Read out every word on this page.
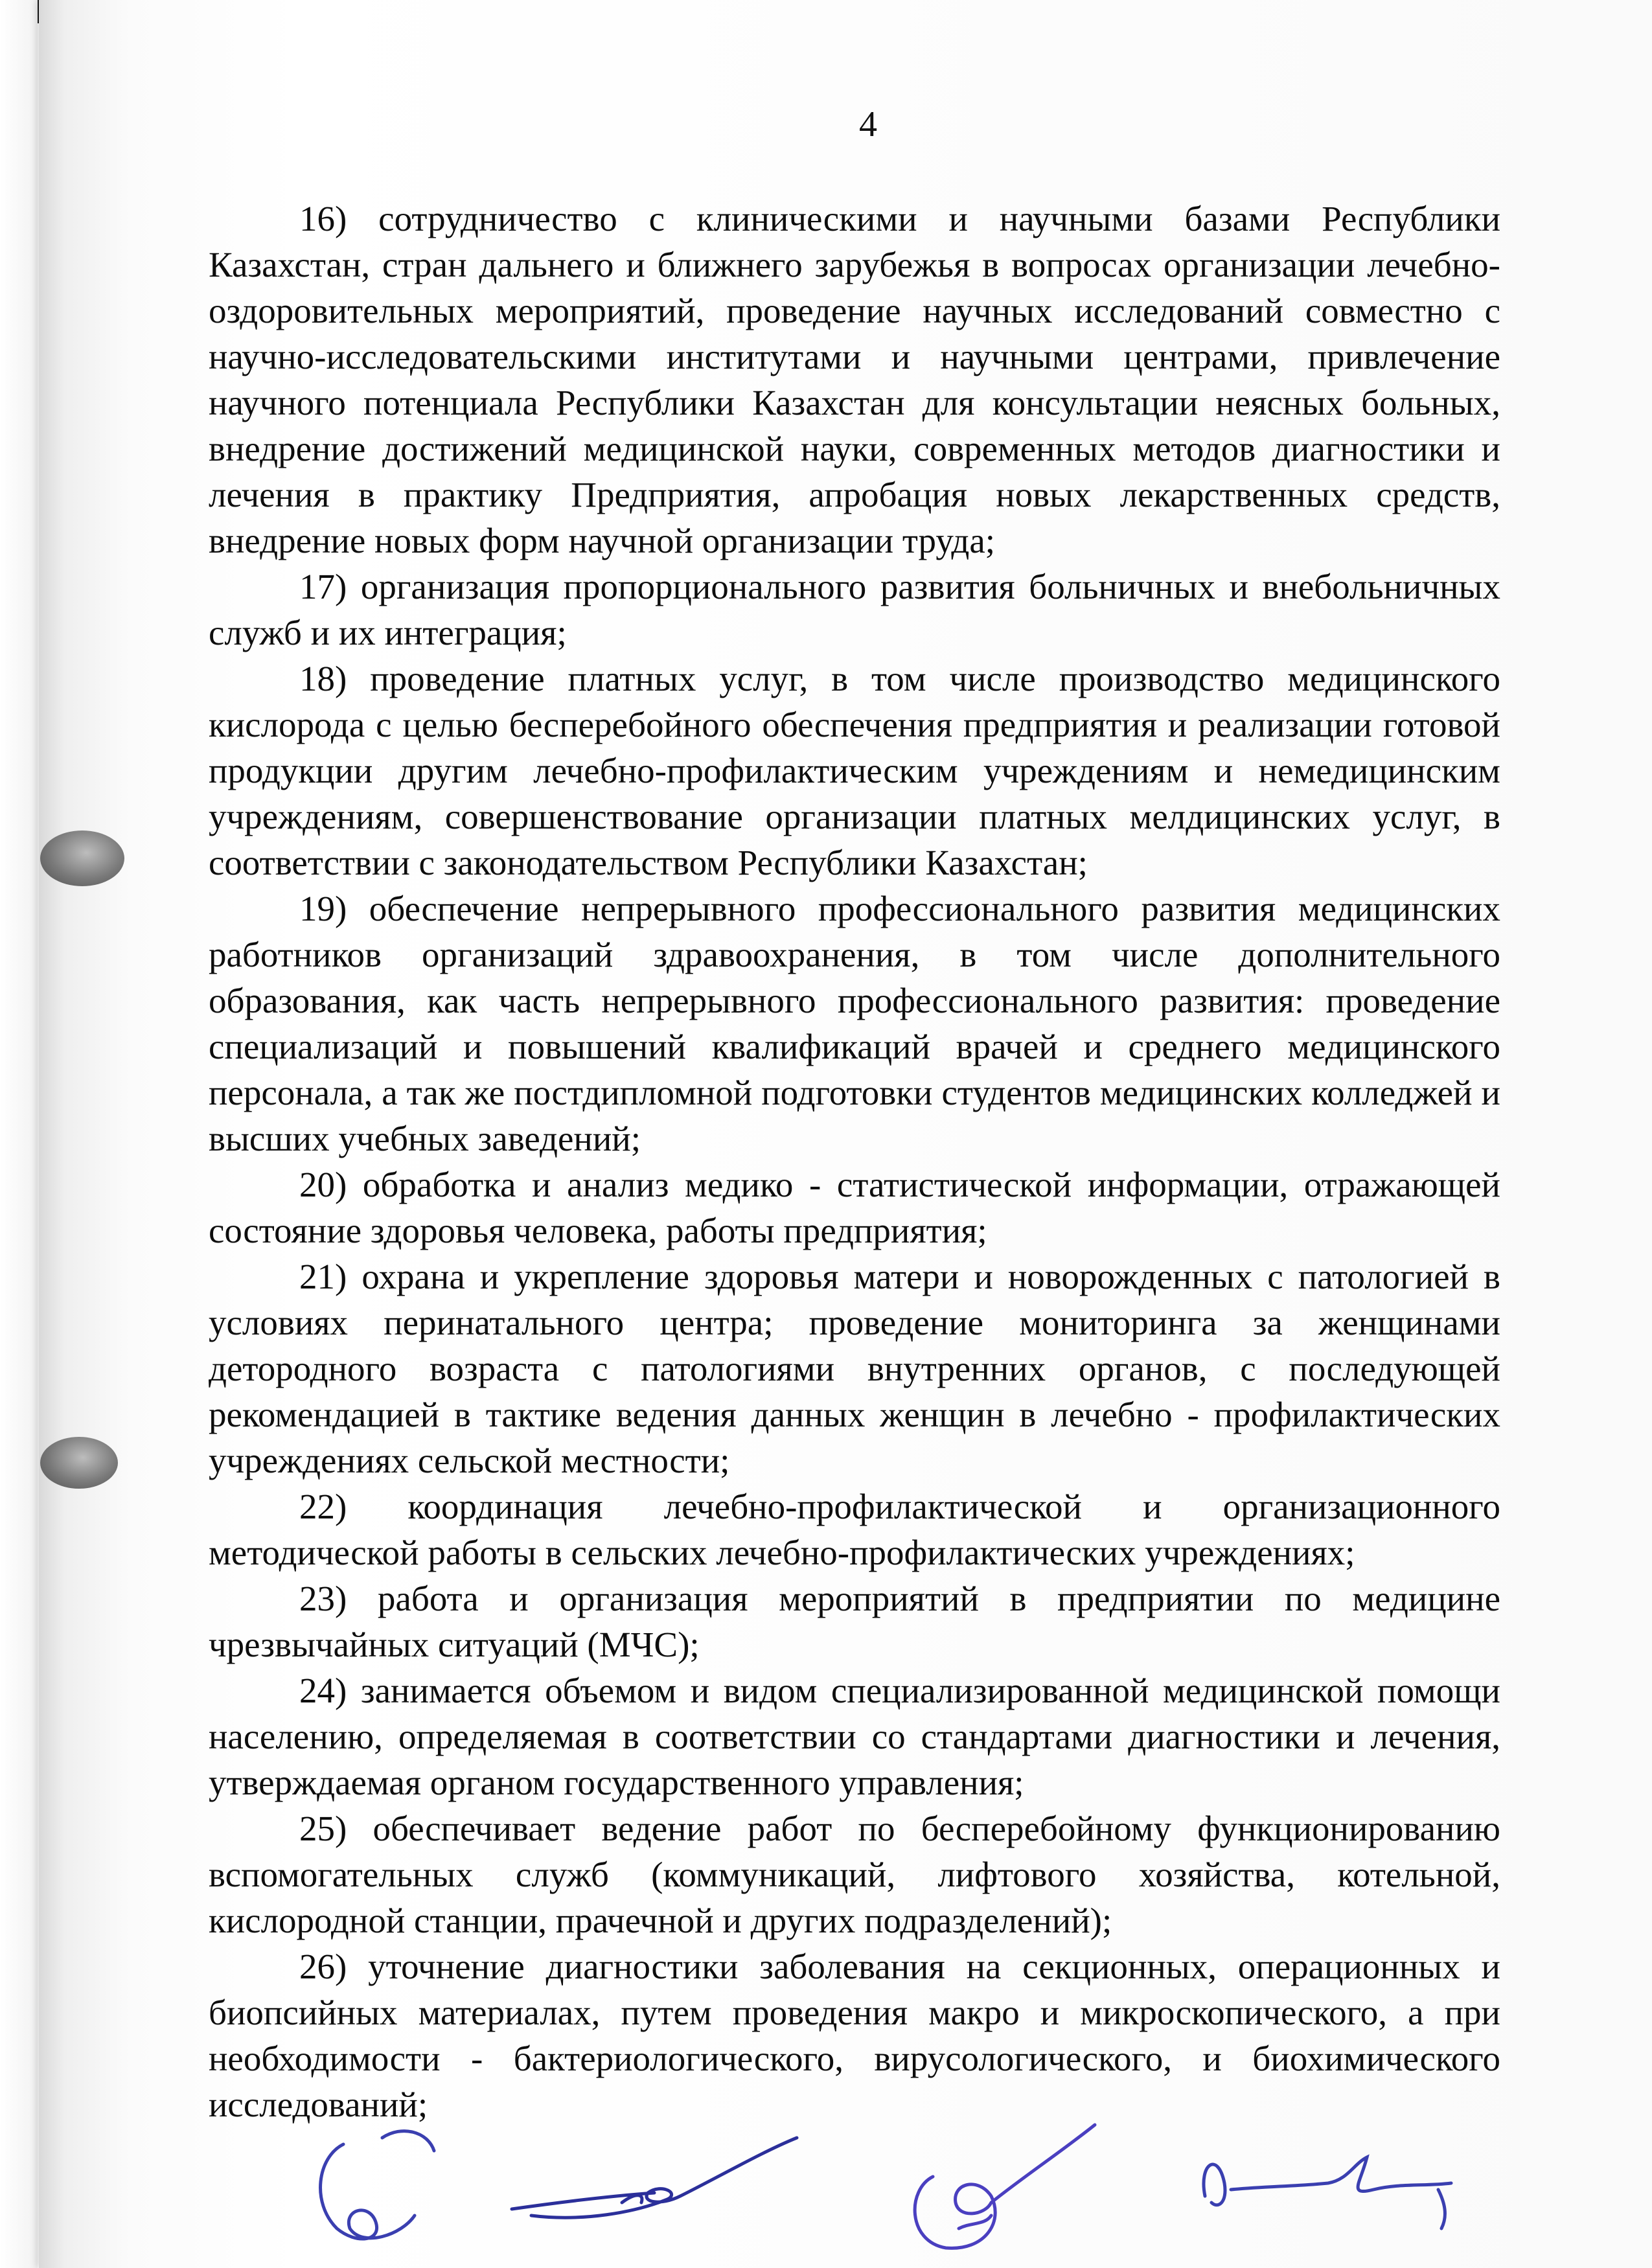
4

16) сотрудничество с клиническими и научными базами Республики Казахстан, стран дальнего и ближнего зарубежья в вопросах организации лечебно-оздоровительных мероприятий, проведение научных исследований совместно с научно-исследовательскими институтами и научными центрами, привлечение научного потенциала Республики Казахстан для консультации неясных больных, внедрение достижений медицинской науки, современных методов диагностики и лечения в практику Предприятия, апробация новых лекарственных средств, внедрение новых форм научной организации труда;

17) организация пропорционального развития больничных и внебольничных служб и их интеграция;

18) проведение платных услуг, в том числе производство медицинского кислорода с целью бесперебойного обеспечения предприятия и реализации готовой продукции другим лечебно-профилактическим учреждениям и немедицинским учреждениям, совершенствование организации платных мелдицинских услуг, в соответствии с законодательством Республики Казахстан;

19) обеспечение непрерывного профессионального развития медицинских работников организаций здравоохранения, в том числе дополнительного образования, как часть непрерывного профессионального развития: проведение специализаций и повышений квалификаций врачей и среднего медицинского персонала, а так же постдипломной подготовки студентов медицинских колледжей и высших учебных заведений;

20) обработка и анализ медико - статистической информации, отражающей состояние здоровья человека, работы предприятия;

21) охрана и укрепление здоровья матери и новорожденных с патологией в условиях перинатального центра; проведение мониторинга за женщинами детородного возраста с патологиями внутренних органов, с последующей рекомендацией в тактике ведения данных женщин в лечебно - профилактических учреждениях сельской местности;

22) координация лечебно-профилактической и организационного методической работы в сельских лечебно-профилактических учреждениях;

23) работа и организация мероприятий в предприятии по медицине чрезвычайных ситуаций (МЧС);

24) занимается объемом и видом специализированной медицинской помощи населению, определяемая в соответствии со стандартами диагностики и лечения, утверждаемая органом государственного управления;

25) обеспечивает ведение работ по бесперебойному функционированию вспомогательных служб (коммуникаций, лифтового хозяйства, котельной, кислородной станции, прачечной и других подразделений);

26) уточнение диагностики заболевания на секционных, операционных и биопсийных материалах, путем проведения макро и микроскопического, а при необходимости - бактериологического, вирусологического, и биохимического исследований;
